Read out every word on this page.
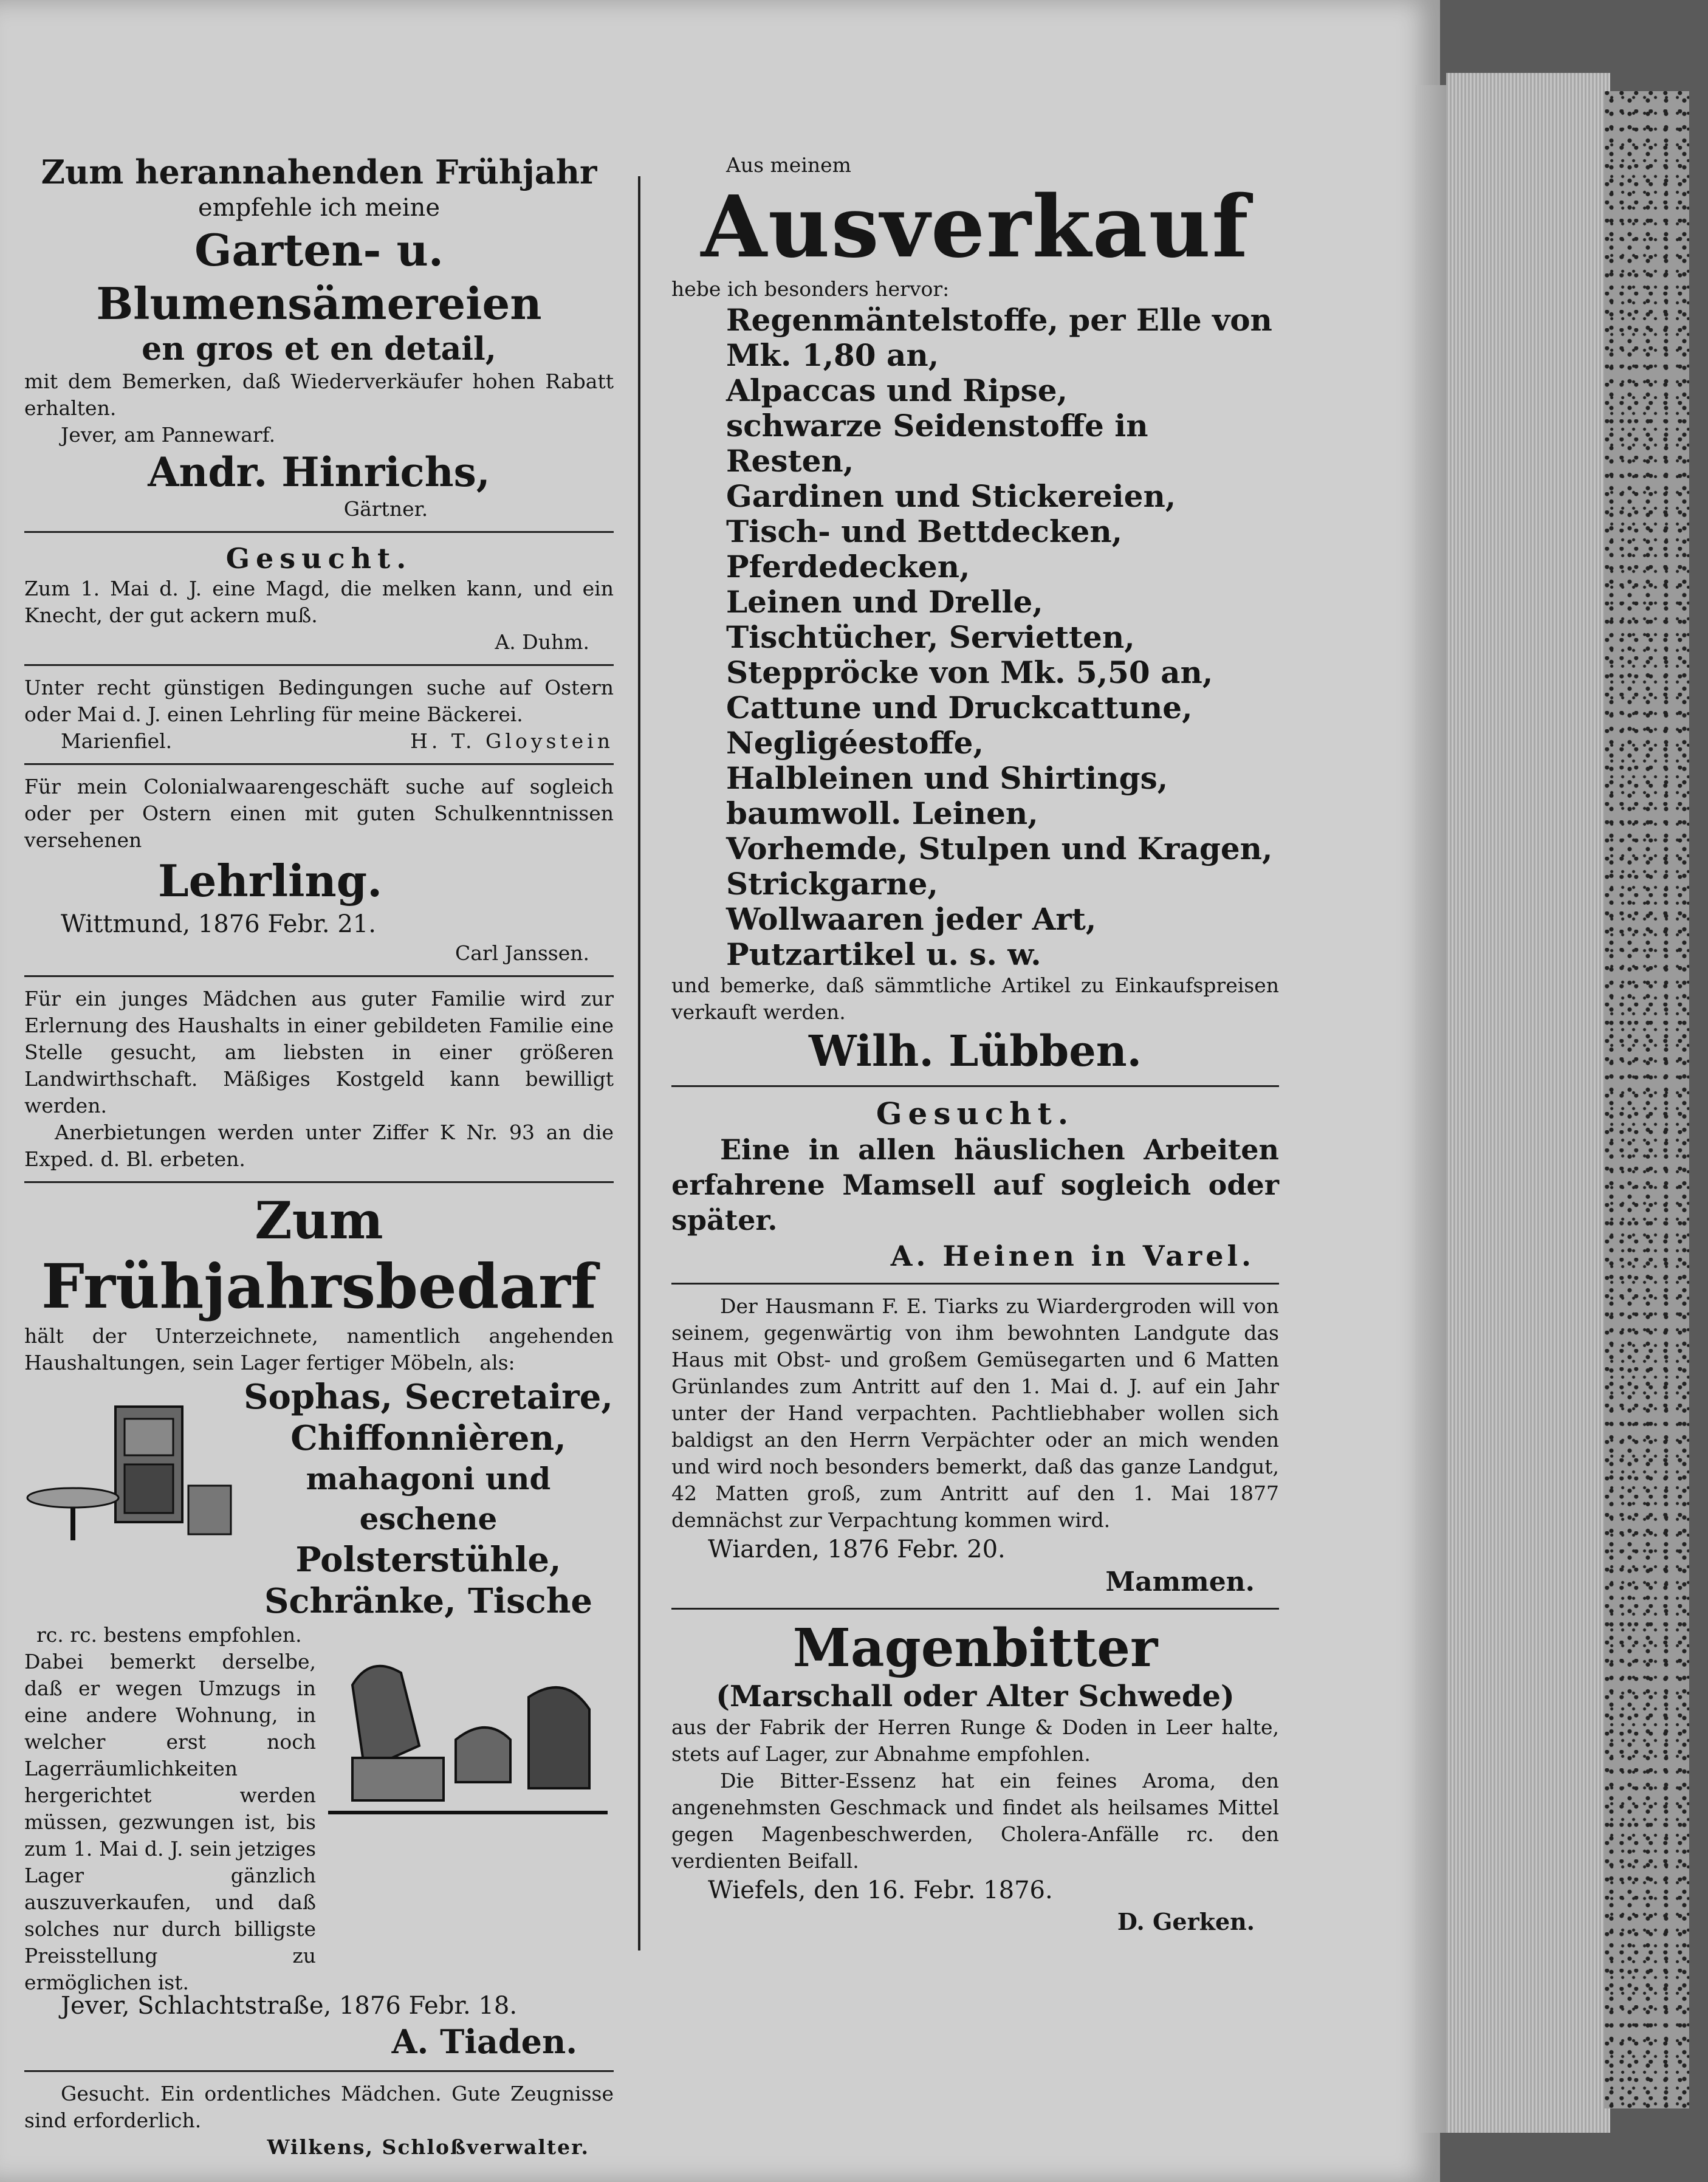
Zum herannahenden Frühjahr

empfehle ich meine

Garten- u. Blumensämereien

en gros et en detail,

mit dem Bemerken, daß Wiederverkäufer hohen Rabatt erhalten.

Jever, am Pannewarf.

Andr. Hinrichs,

Gärtner.

Gesucht.

Zum 1. Mai d. J. eine Magd, die melken kann, und ein Knecht, der gut ackern muß.

A. Duhm.

Unter recht günstigen Bedingungen suche auf Ostern oder Mai d. J. einen Lehrling für meine Bäckerei.

Marienfiel.	H. T. Gloystein

Für mein Colonialwaarengeschäft suche auf sogleich oder per Ostern einen mit guten Schulkenntnissen versehenen

Lehrling.

Wittmund, 1876 Febr. 21.

Carl Janssen.

Für ein junges Mädchen aus guter Familie wird zur Erlernung des Haushalts in einer gebildeten Familie eine Stelle gesucht, am liebsten in einer größeren Landwirthschaft. Mäßiges Kostgeld kann bewilligt werden.

Anerbietungen werden unter Ziffer K Nr. 93 an die Exped. d. Bl. erbeten.

Zum

Frühjahrsbedarf

hält der Unterzeichnete, namentlich angehenden Haushaltungen, sein Lager fertiger Möbeln, als:

Sophas, Secretaire,

Chiffonnièren,

mahagoni und eschene

Polsterstühle,

Schränke, Tische

rc. rc. bestens empfohlen.

Dabei bemerkt derselbe, daß er wegen Umzugs in eine andere Wohnung, in welcher erst noch Lagerräumlichkeiten hergerichtet werden müssen, gezwungen ist, bis zum 1. Mai d. J. sein jetziges Lager gänzlich auszuverkaufen, und daß solches nur durch billigste Preisstellung zu ermöglichen ist.

Jever, Schlachtstraße, 1876 Febr. 18.

A. Tiaden.

Gesucht. Ein ordentliches Mädchen. Gute Zeugnisse sind erforderlich.

Wilkens, Schloßverwalter.

Aus meinem

Ausverkauf

hebe ich besonders hervor:

Regenmäntelstoffe, per Elle von Mk. 1,80 an,

Alpaccas und Ripse,

schwarze Seidenstoffe in Resten,

Gardinen und Stickereien,

Tisch- und Bettdecken,

Pferdedecken,

Leinen und Drelle,

Tischtücher, Servietten,

Steppröcke von Mk. 5,50 an,

Cattune und Druckcattune,

Negligéestoffe,

Halbleinen und Shirtings,

baumwoll. Leinen,

Vorhemde, Stulpen und Kragen,

Strickgarne,

Wollwaaren jeder Art,

Putzartikel u. s. w.

und bemerke, daß sämmtliche Artikel zu Einkaufspreisen verkauft werden.

Wilh. Lübben.

Gesucht.

Eine in allen häuslichen Arbeiten erfahrene Mamsell auf sogleich oder später.

A. Heinen in Varel.

Der Hausmann F. E. Tiarks zu Wiardergroden will von seinem, gegenwärtig von ihm bewohnten Landgute das Haus mit Obst- und großem Gemüsegarten und 6 Matten Grünlandes zum Antritt auf den 1. Mai d. J. auf ein Jahr unter der Hand verpachten. Pachtliebhaber wollen sich baldigst an den Herrn Verpächter oder an mich wenden und wird noch besonders bemerkt, daß das ganze Landgut, 42 Matten groß, zum Antritt auf den 1. Mai 1877 demnächst zur Verpachtung kommen wird.

Wiarden, 1876 Febr. 20.

Mammen.

Magenbitter

(Marschall oder Alter Schwede)

aus der Fabrik der Herren Runge & Doden in Leer halte, stets auf Lager, zur Abnahme empfohlen.

Die Bitter-Essenz hat ein feines Aroma, den angenehmsten Geschmack und findet als heilsames Mittel gegen Magenbeschwerden, Cholera-Anfälle rc. den verdienten Beifall.

Wiefels, den 16. Febr. 1876.

D. Gerken.
